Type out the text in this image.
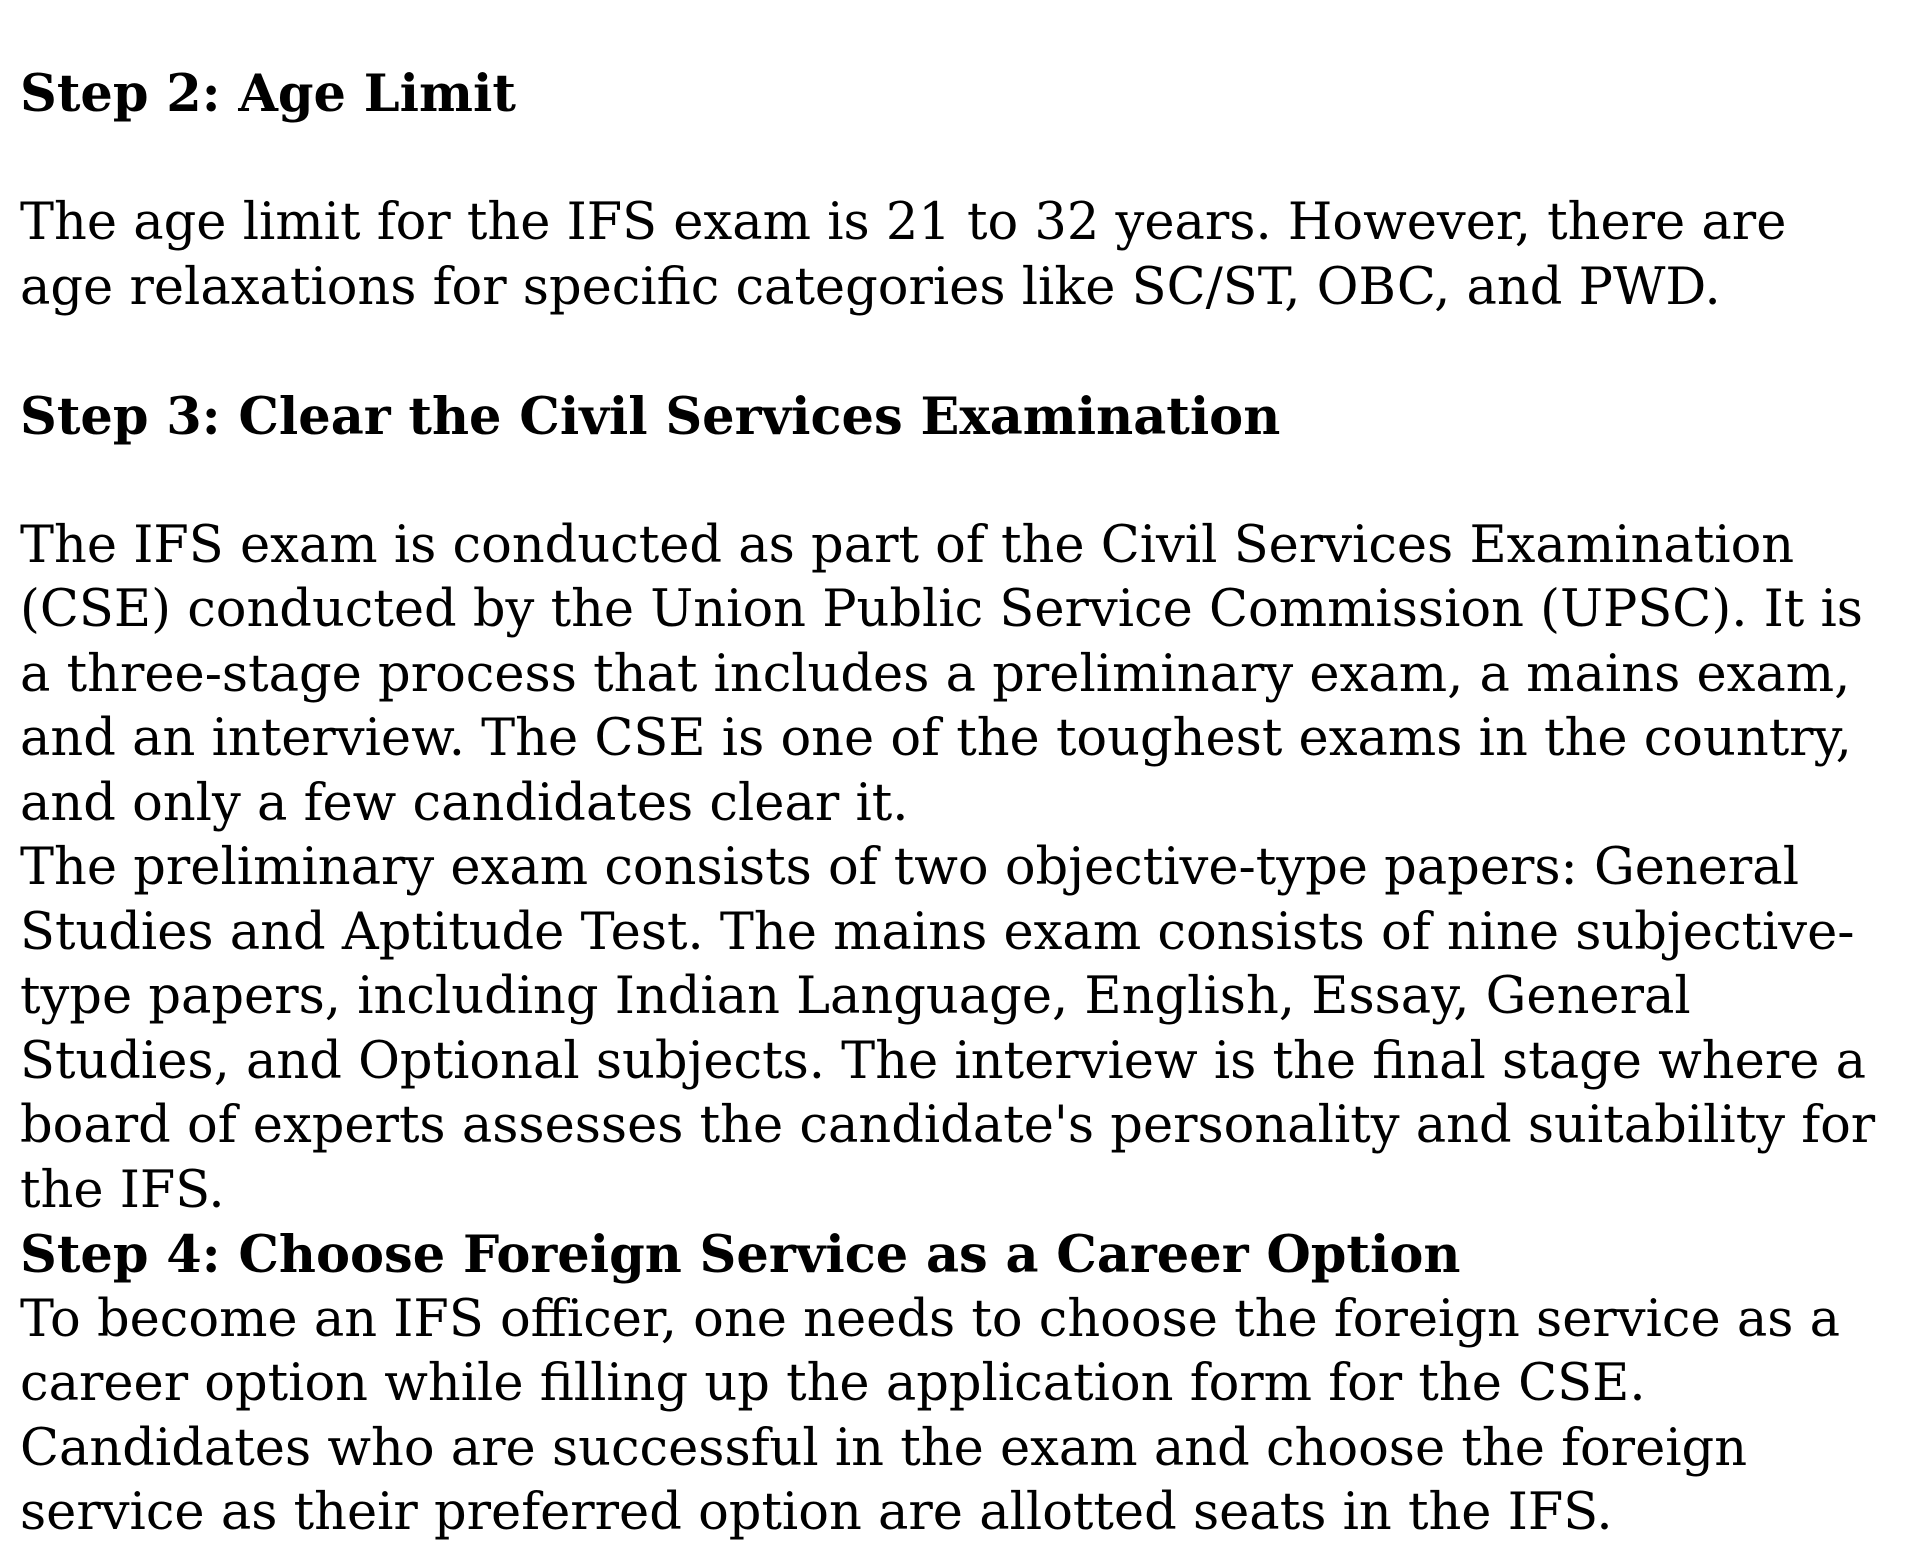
Step 2: Age Limit

The age limit for the IFS exam is 21 to 32 years. However, there are age relaxations for specific categories like SC/ST, OBC, and PWD.

Step 3: Clear the Civil Services Examination

The IFS exam is conducted as part of the Civil Services Examination (CSE) conducted by the Union Public Service Commission (UPSC). It is a three-stage process that includes a preliminary exam, a mains exam, and an interview. The CSE is one of the toughest exams in the country, and only a few candidates clear it.

The preliminary exam consists of two objective-type papers: General Studies and Aptitude Test. The mains exam consists of nine subjective-type papers, including Indian Language, English, Essay, General Studies, and Optional subjects. The interview is the final stage where a board of experts assesses the candidate's personality and suitability for the IFS.

Step 4: Choose Foreign Service as a Career Option

To become an IFS officer, one needs to choose the foreign service as a career option while filling up the application form for the CSE.

Candidates who are successful in the exam and choose the foreign service as their preferred option are allotted seats in the IFS.
